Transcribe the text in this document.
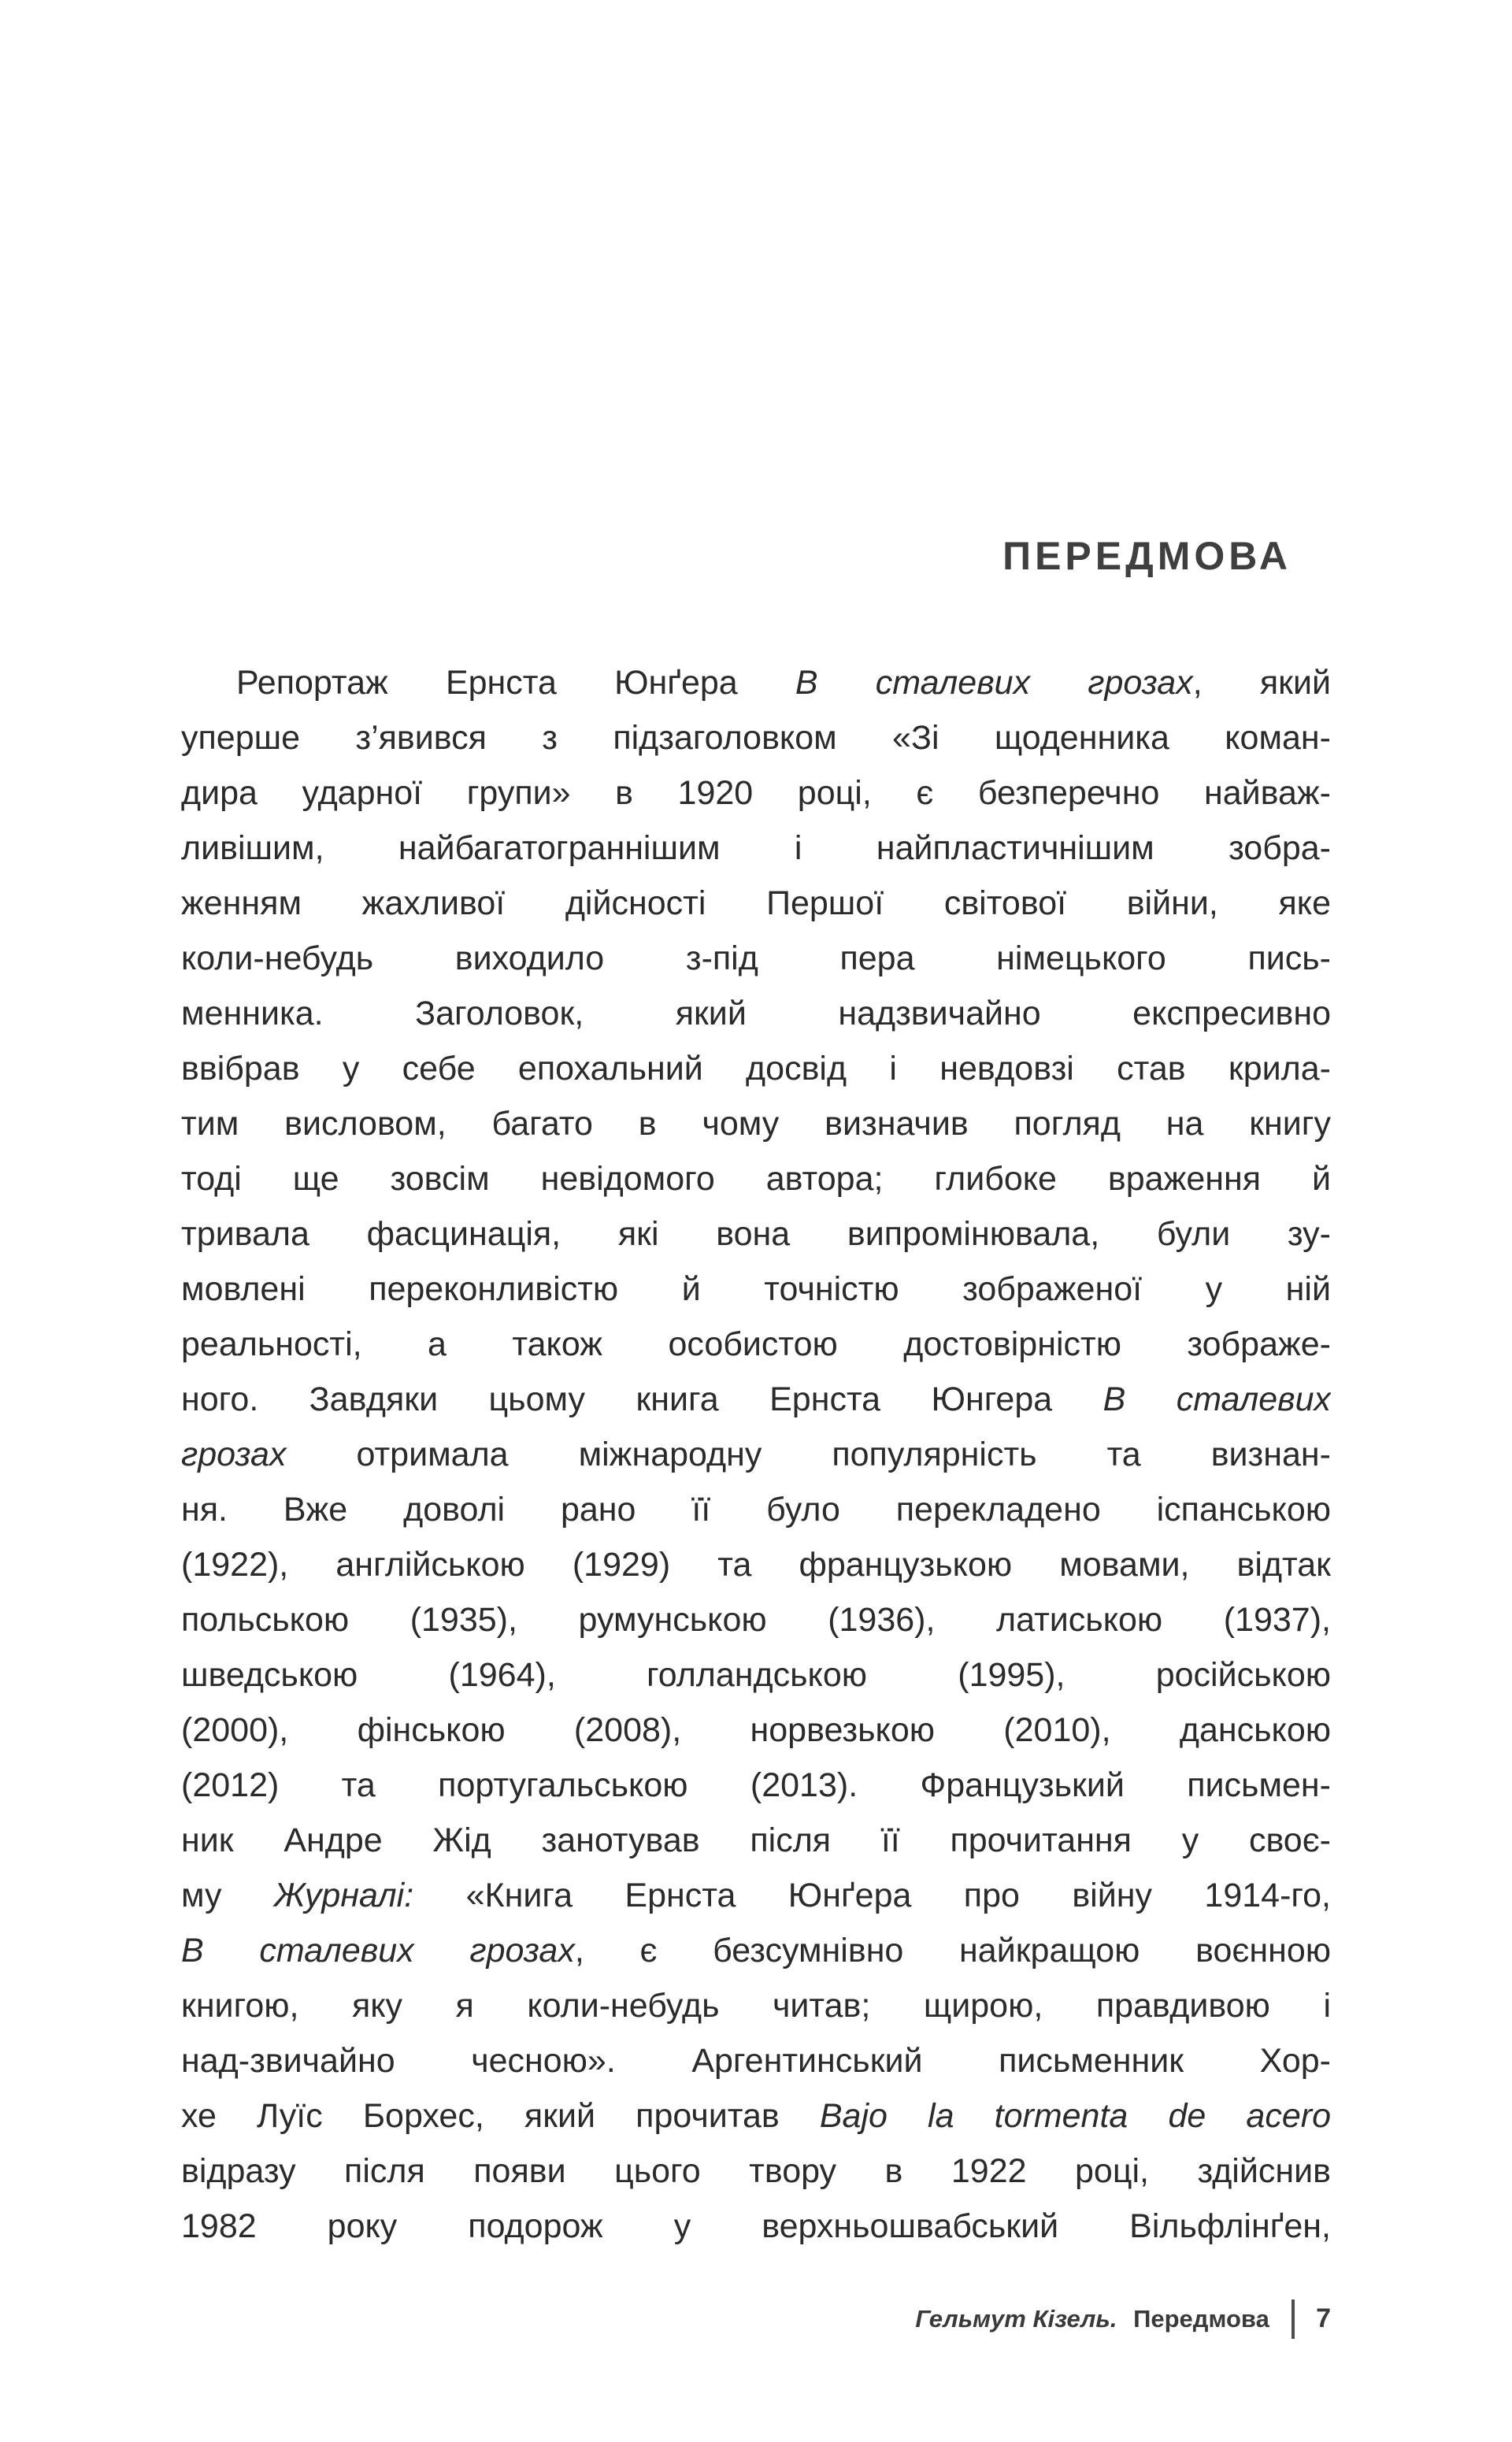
ПЕРЕДМОВА
Репортаж Ернста Юнґера В сталевих грозах, який
уперше з’явився з підзаголовком «Зі щоденника коман-
дира ударної групи» в 1920 році, є безперечно найваж-
ливішим, найбагатограннішим і найпластичнішим зобра-
женням жахливої дійсності Першої світової війни, яке
коли-небудь виходило з-під пера німецького пись-
менника. Заголовок, який надзвичайно експресивно
ввібрав у себе епохальний досвід і невдовзі став крила-
тим висловом, багато в чому визначив погляд на книгу
тоді ще зовсім невідомого автора; глибоке враження й
тривала фасцинація, які вона випромінювала, були зу-
мовлені переконливістю й точністю зображеної у ній
реальності, а також особистою достовірністю зображе-
ного. Завдяки цьому книга Ернста Юнгера В сталевих
грозах отримала міжнародну популярність та визнан-
ня. Вже доволі рано її було перекладено іспанською
(1922), англійською (1929) та французькою мовами, відтак
польською (1935), румунською (1936), латиською (1937),
шведською (1964), голландською (1995), російською
(2000), фінською (2008), норвезькою (2010), данською
(2012) та португальською (2013). Французький письмен-
ник Андре Жід занотував після її прочитання у своє-
му Журналі: «Книга Ернста Юнґера про війну 1914-го,
В сталевих грозах, є безсумнівно найкращою воєнною
книгою, яку я коли-небудь читав; щирою, правдивою і
над-звичайно чесною». Аргентинський письменник Хор-
хе Луїс Борхес, який прочитав Bajo la tormenta de acero
відразу після появи цього твору в 1922 році, здійснив
1982 року подорож у верхньошвабський Вільфлінґен,
Гельмут Кізель. Передмова 7
